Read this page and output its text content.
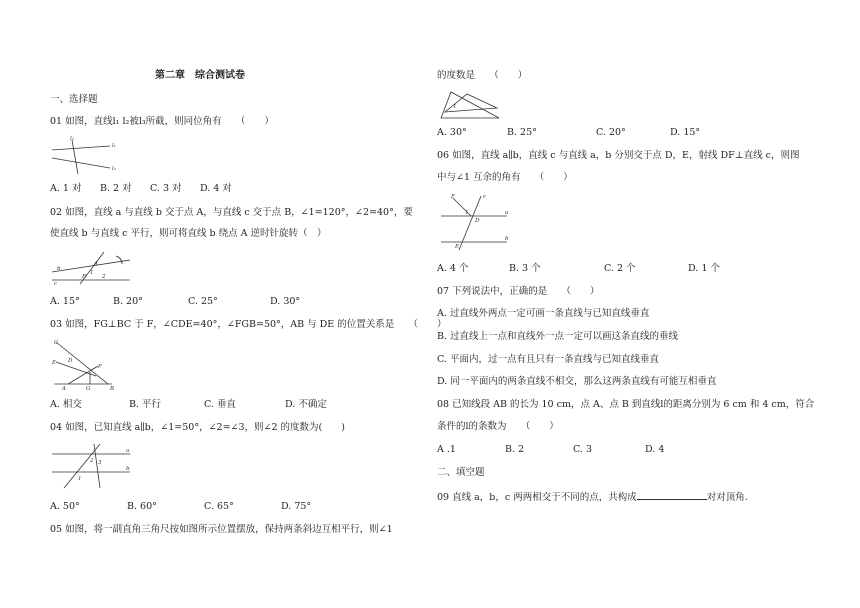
第二章　综合测试卷
一、选择题
01 如图，直线l₁ l₂被l₃所截，则同位角有　　（　　）
l₃
l₁
l₂
A. 1 对 B. 2 对 C. 3 对 D. 4 对
02 如图，直线 a 与直线 b 交于点 A，与直线 c 交于点 B，∠1=120°，∠2=40°，要
使直线 b 与直线 c 平行，则可将直线 b 绕点 A 逆时针旋转（　）
b
c
1
A
B	2
A. 15°	B. 20°	C. 25°	D. 30°
03 如图，FG⊥BC 于 F，∠CDE=40°，∠FGB=50°，AB 与 DE 的位置关系是　　（　　）
C
E D
F
G
A	B
A. 相交	B. 平行	C. 垂直	D. 不确定
04 如图，已知直线 a∥b，∠1=50°，∠2=∠3，则∠2 的度数为(　　)
a
b
2 3
1
A. 50°	B. 60°	C. 65°	D. 75°
05 如图，将一副直角三角尺按如图所示位置摆放，保持两条斜边互相平行，则∠1
的度数是　　（　　）
1
A. 30°	B. 25°	C. 20°	D. 15°
06 如图，直线 a∥b，直线 c 与直线 a，b 分别交于点 D，E，射线 DF⊥直线 c，则图
中与∠1 互余的角有　　（　　）
a
b
c
F
D
1
E
A. 4 个	B. 3 个	C. 2 个	D. 1 个
07 下列说法中，正确的是　　（　　）
A. 过直线外两点一定可画一条直线与已知直线垂直
B. 过直线上一点和直线外一点一定可以画这条直线的垂线
C. 平面内，过一点有且只有一条直线与已知直线垂直
D. 同一平面内的两条直线不相交，那么这两条直线有可能互相垂直
08 已知线段 AB 的长为 10 cm，点 A、点 B 到直线l的距离分别为 6 cm 和 4 cm，符合
条件的l的条数为　　（　　）
A .1	B. 2	C. 3	D. 4
二、填空题
09 直线 a，b，c 两两相交于不同的点，共构成	对对顶角.
